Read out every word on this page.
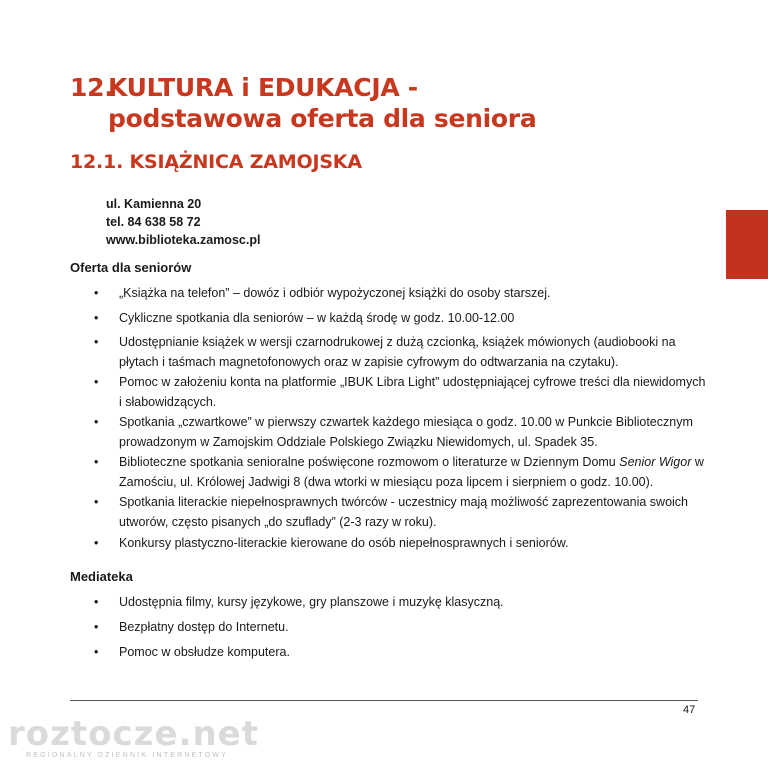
12.KULTURA i EDUKACJA -
podstawowa oferta dla seniora
12.1. KSIĄŻNICA ZAMOJSKA
ul. Kamienna 20
tel. 84 638 58 72
www.biblioteka.zamosc.pl
Oferta dla seniorów
• „Książka na telefon” – dowóz i odbiór wypożyczonej książki do osoby starszej.
• Cykliczne spotkania dla seniorów – w każdą środę w godz. 10.00-12.00
• Udostępnianie książek w wersji czarnodrukowej z dużą czcionką, książek mówionych (audiobooki na płytach i taśmach magnetofonowych oraz w zapisie cyfrowym do odtwarzania na czytaku).
• Pomoc w założeniu konta na platformie „IBUK Libra Light” udostępniającej cyfrowe treści dla niewidomych i słabowidzących.
• Spotkania „czwartkowe” w pierwszy czwartek każdego miesiąca o godz. 10.00 w Punkcie Bibliotecznym prowadzonym w Zamojskim Oddziale Polskiego Związku Niewidomych, ul. Spadek 35.
• Biblioteczne spotkania senioralne poświęcone rozmowom o literaturze w Dziennym Domu Senior Wigor w Zamościu, ul. Królowej Jadwigi 8 (dwa wtorki w miesiącu poza lipcem i sierpniem o godz. 10.00).
• Spotkania literackie niepełnosprawnych twórców - uczestnicy mają możliwość zaprezentowania swoich utworów, często pisanych „do szuflady” (2-3 razy w roku).
• Konkursy plastyczno-literackie kierowane do osób niepełnosprawnych i seniorów.
Mediateka
• Udostępnia filmy, kursy językowe, gry planszowe i muzykę klasyczną.
• Bezpłatny dostęp do Internetu.
• Pomoc w obsłudze komputera.
47
roztocze.net
REGIONALNY DZIENNIK INTERNETOWY
